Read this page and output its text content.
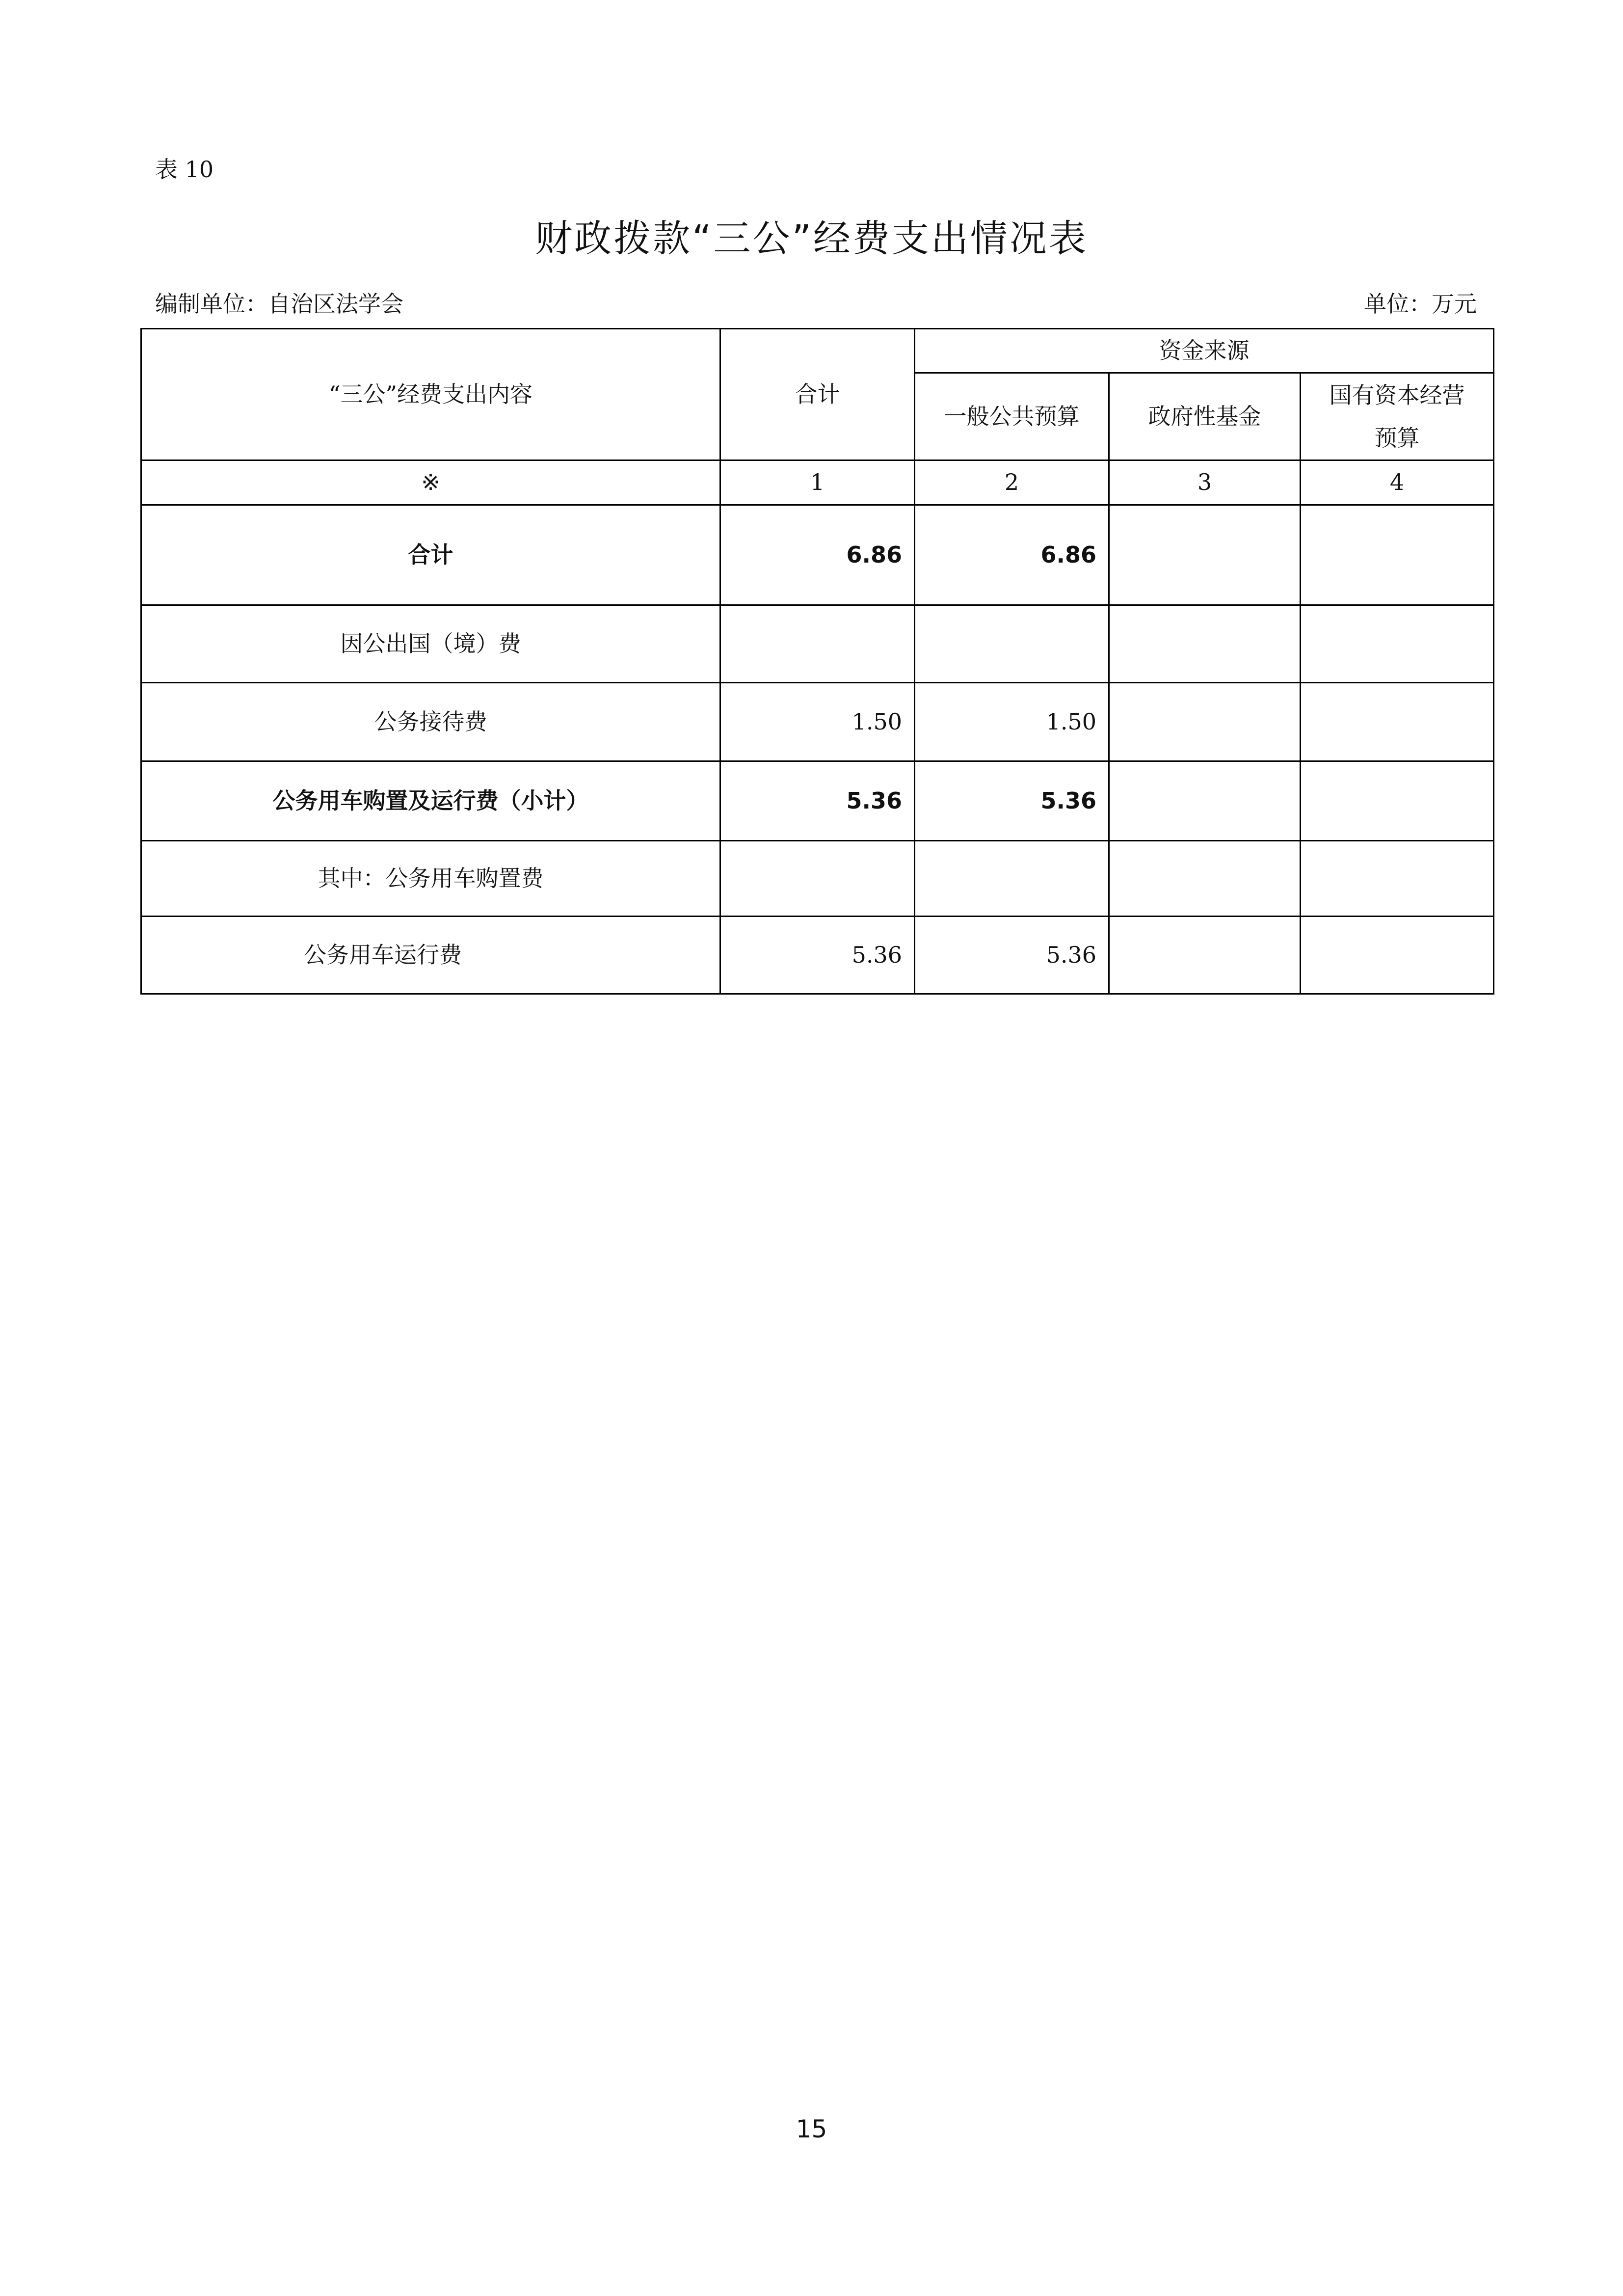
表 10
财政拨款“三公”经费支出情况表
编制单位：自治区法学会	单位：万元
“三公”经费支出内容	合计	资金来源		
		一般公共预算	政府性基金	国有资本经营
预算

※	1	2	3	4
合计	6.86	6.86		
因公出国（境）费				
公务接待费	1.50	1.50		
公务用车购置及运行费（小计）	5.36	5.36		
其中：公务用车购置费				
公务用车运行费	5.36	5.36		
15
